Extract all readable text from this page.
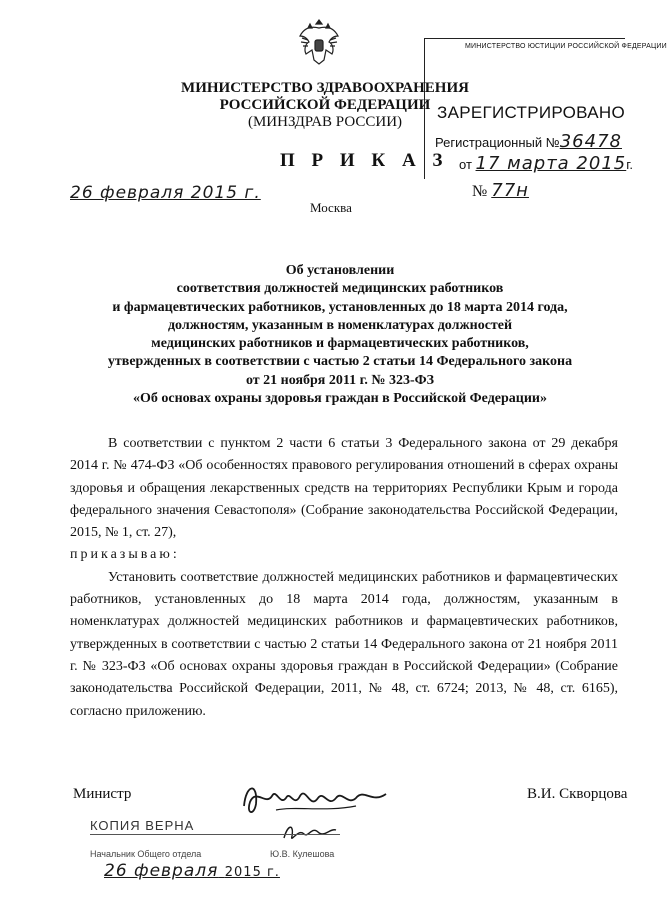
МИНИСТЕРСТВО ЗДРАВООХРАНЕНИЯ
РОССИЙСКОЙ ФЕДЕРАЦИИ
(МИНЗДРАВ РОССИИ)
МИНИСТЕРСТВО ЮСТИЦИИ РОССИЙСКОЙ ФЕДЕРАЦИИ
ЗАРЕГИСТРИРОВАНО
Регистрационный №36478
от 17 марта 2015г.
П Р И К А З
26 февраля 2015 г.	№ 77н
Москва
Об установлении
соответствия должностей медицинских работников
и фармацевтических работников, установленных до 18 марта 2014 года,
должностям, указанным в номенклатурах должностей
медицинских работников и фармацевтических работников,
утвержденных в соответствии с частью 2 статьи 14 Федерального закона
от 21 ноября 2011 г. № 323-ФЗ
«Об основах охраны здоровья граждан в Российской Федерации»

В соответствии с пунктом 2 части 6 статьи 3 Федерального закона от 29 декабря 2014 г. № 474-ФЗ «Об особенностях правового регулирования отношений в сферах охраны здоровья и обращения лекарственных средств на территориях Республики Крым и города федерального значения Севастополя» (Собрание законодательства Российской Федерации, 2015, № 1, ст. 27),

приказываю:

Установить соответствие должностей медицинских работников и фармацевтических работников, установленных до 18 марта 2014 года, должностям, указанным в номенклатурах должностей медицинских работников и фармацевтических работников, утвержденных в соответствии с частью 2 статьи 14 Федерального закона от 21 ноября 2011 г. № 323-ФЗ «Об основах охраны здоровья граждан в Российской Федерации» (Собрание законодательства Российской Федерации, 2011, № 48, ст. 6724; 2013, № 48, ст. 6165), согласно приложению.

Министр	В.И. Скворцова
КОПИЯ ВЕРНА
Начальник Общего отдела	Ю.В. Кулешова
26 февраля 2015 г.
